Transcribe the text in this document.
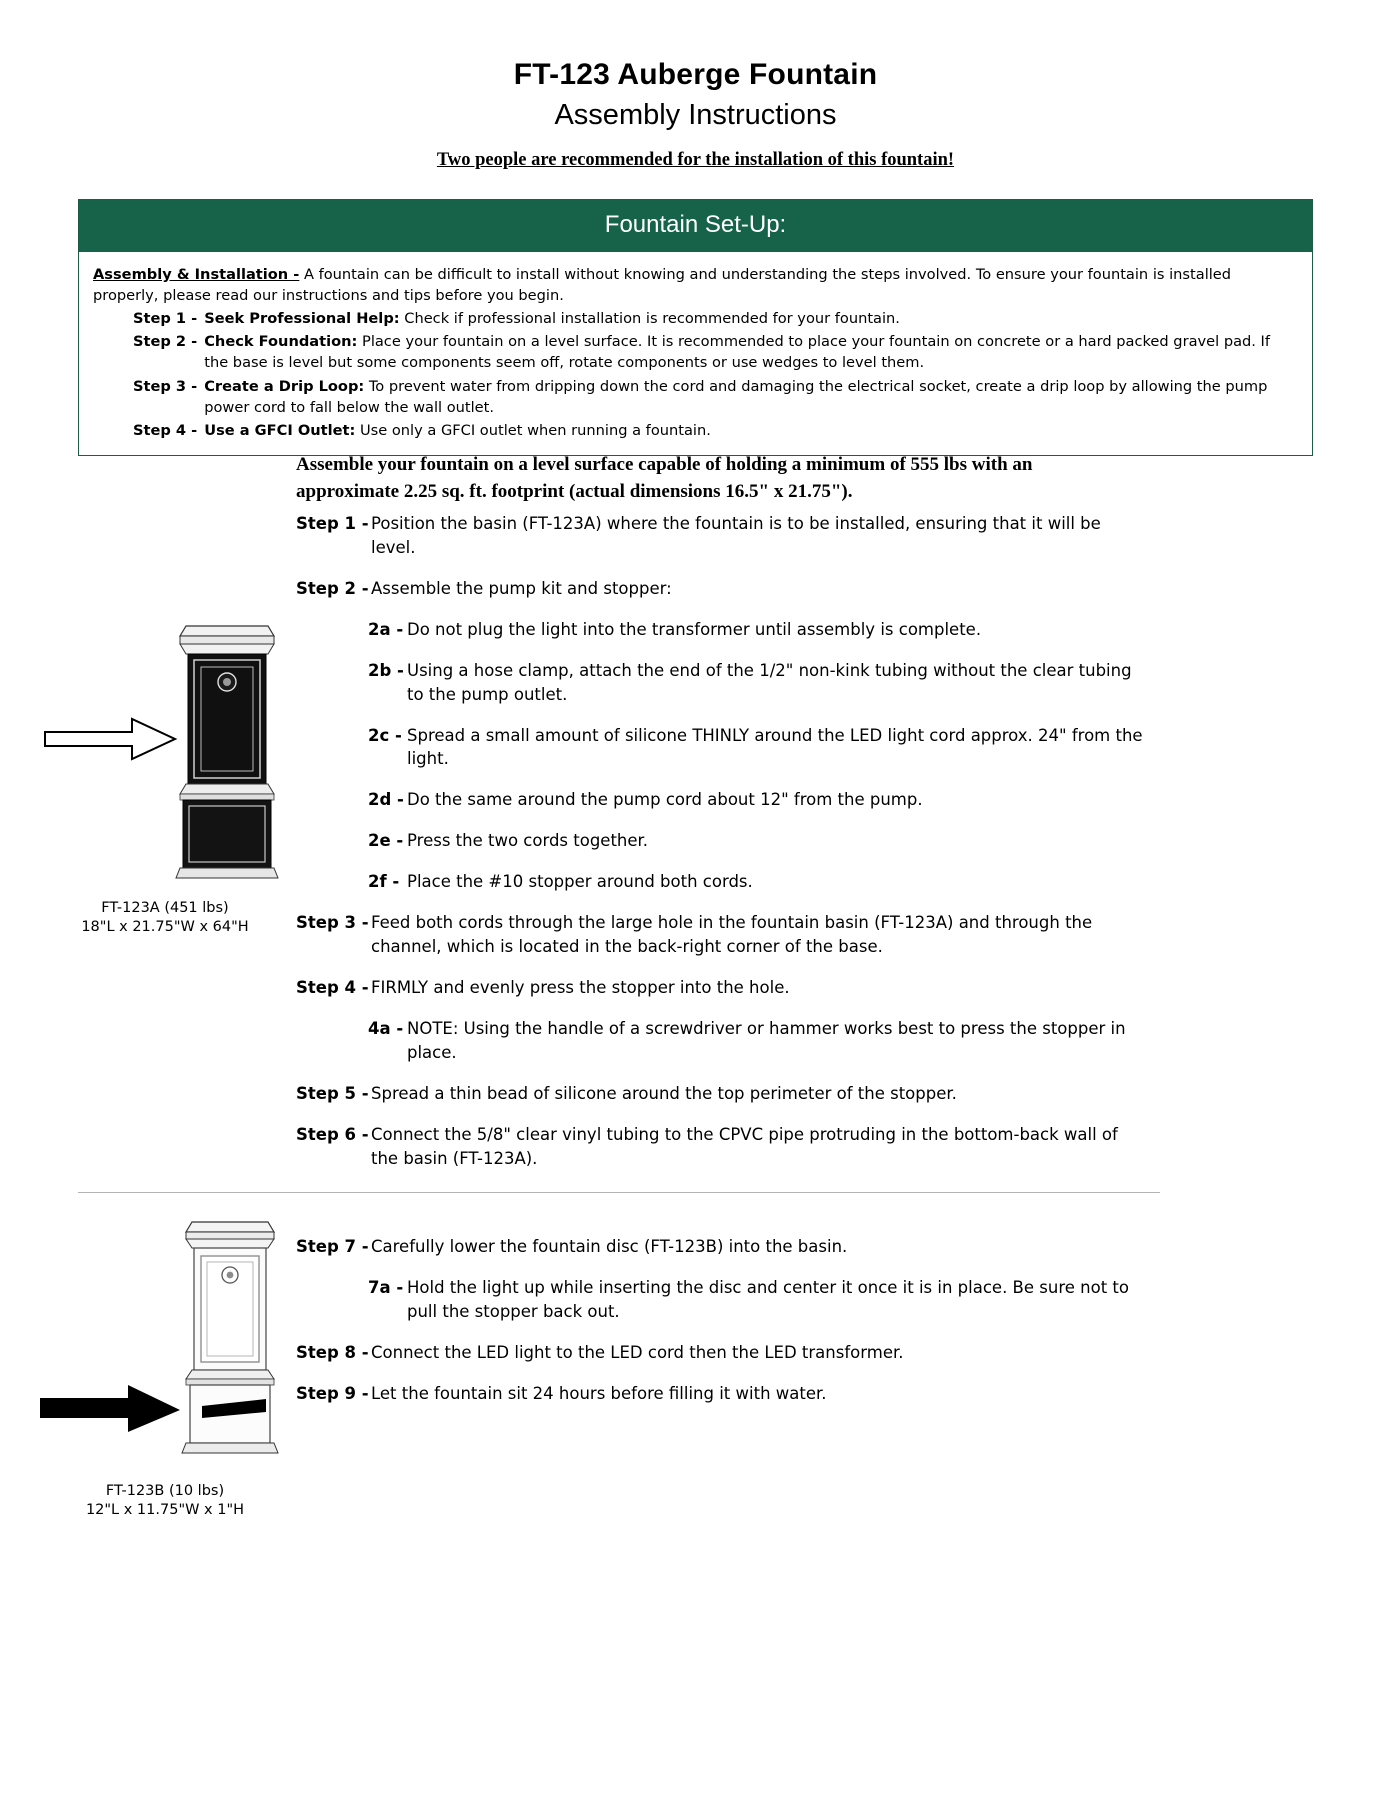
FT-123 Auberge Fountain
Assembly Instructions
Two people are recommended for the installation of this fountain!
Fountain Set-Up:

Assembly & Installation - A fountain can be difficult to install without knowing and understanding the steps involved. To ensure your fountain is installed properly, please read our instructions and tips before you begin.

Step 1 - Seek Professional Help: Check if professional installation is recommended for your fountain.
Step 2 - Check Foundation: Place your fountain on a level surface. It is recommended to place your fountain on concrete or a hard packed gravel pad. If the base is level but some components seem off, rotate components or use wedges to level them.
Step 3 - Create a Drip Loop: To prevent water from dripping down the cord and damaging the electrical socket, create a drip loop by allowing the pump power cord to fall below the wall outlet.
Step 4 - Use a GFCI Outlet: Use only a GFCI outlet when running a fountain.
Assemble your fountain on a level surface capable of holding a minimum of 555 lbs with an approximate 2.25 sq. ft. footprint (actual dimensions 16.5" x 21.75").
Step 1 - Position the basin (FT-123A) where the fountain is to be installed, ensuring that it will be level.
Step 2 - Assemble the pump kit and stopper:
2a - Do not plug the light into the transformer until assembly is complete.
2b - Using a hose clamp, attach the end of the 1/2" non-kink tubing without the clear tubing to the pump outlet.
2c - Spread a small amount of silicone THINLY around the LED light cord approx. 24" from the light.
2d - Do the same around the pump cord about 12" from the pump.
2e - Press the two cords together.
2f - Place the #10 stopper around both cords.
Step 3 - Feed both cords through the large hole in the fountain basin (FT-123A) and through the channel, which is located in the back-right corner of the base.
Step 4 - FIRMLY and evenly press the stopper into the hole.
4a - NOTE: Using the handle of a screwdriver or hammer works best to press the stopper in place.
Step 5 - Spread a thin bead of silicone around the top perimeter of the stopper.
Step 6 - Connect the 5/8" clear vinyl tubing to the CPVC pipe protruding in the bottom-back wall of the basin (FT-123A).
Step 7 - Carefully lower the fountain disc (FT-123B) into the basin.
7a - Hold the light up while inserting the disc and center it once it is in place. Be sure not to pull the stopper back out.
Step 8 - Connect the LED light to the LED cord then the LED transformer.
Step 9 - Let the fountain sit 24 hours before filling it with water.
FT-123A (451 lbs)
18"L x 21.75"W x 64"H
FT-123B (10 lbs)
12"L x 11.75"W x 1"H
